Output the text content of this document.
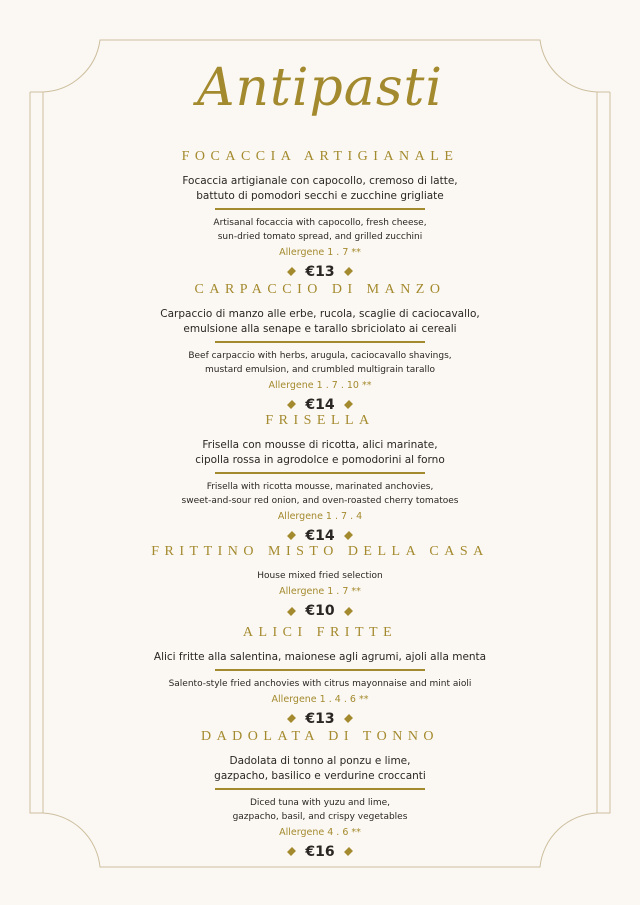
Antipasti
FOCACCIA ARTIGIANALE
Focaccia artigianale con capocollo, cremoso di latte,
battuto di pomodori secchi e zucchine grigliate
Artisanal focaccia with capocollo, fresh cheese,
sun-dried tomato spread, and grilled zucchini
Allergene 1 . 7 **
€13
CARPACCIO DI MANZO
Carpaccio di manzo alle erbe, rucola, scaglie di caciocavallo,
emulsione alla senape e tarallo sbriciolato ai cereali
Beef carpaccio with herbs, arugula, caciocavallo shavings,
mustard emulsion, and crumbled multigrain tarallo
Allergene 1 . 7 . 10 **
€14
FRISELLA
Frisella con mousse di ricotta, alici marinate,
cipolla rossa in agrodolce e pomodorini al forno
Frisella with ricotta mousse, marinated anchovies,
sweet-and-sour red onion, and oven-roasted cherry tomatoes
Allergene 1 . 7 . 4
€14
FRITTINO MISTO DELLA CASA
House mixed fried selection
Allergene 1 . 7 **
€10
ALICI FRITTE
Alici fritte alla salentina, maionese agli agrumi, ajoli alla menta
Salento-style fried anchovies with citrus mayonnaise and mint aioli
Allergene 1 . 4 . 6 **
€13
DADOLATA DI TONNO
Dadolata di tonno al ponzu e lime,
gazpacho, basilico e verdurine croccanti
Diced tuna with yuzu and lime,
gazpacho, basil, and crispy vegetables
Allergene 4 . 6 **
€16
